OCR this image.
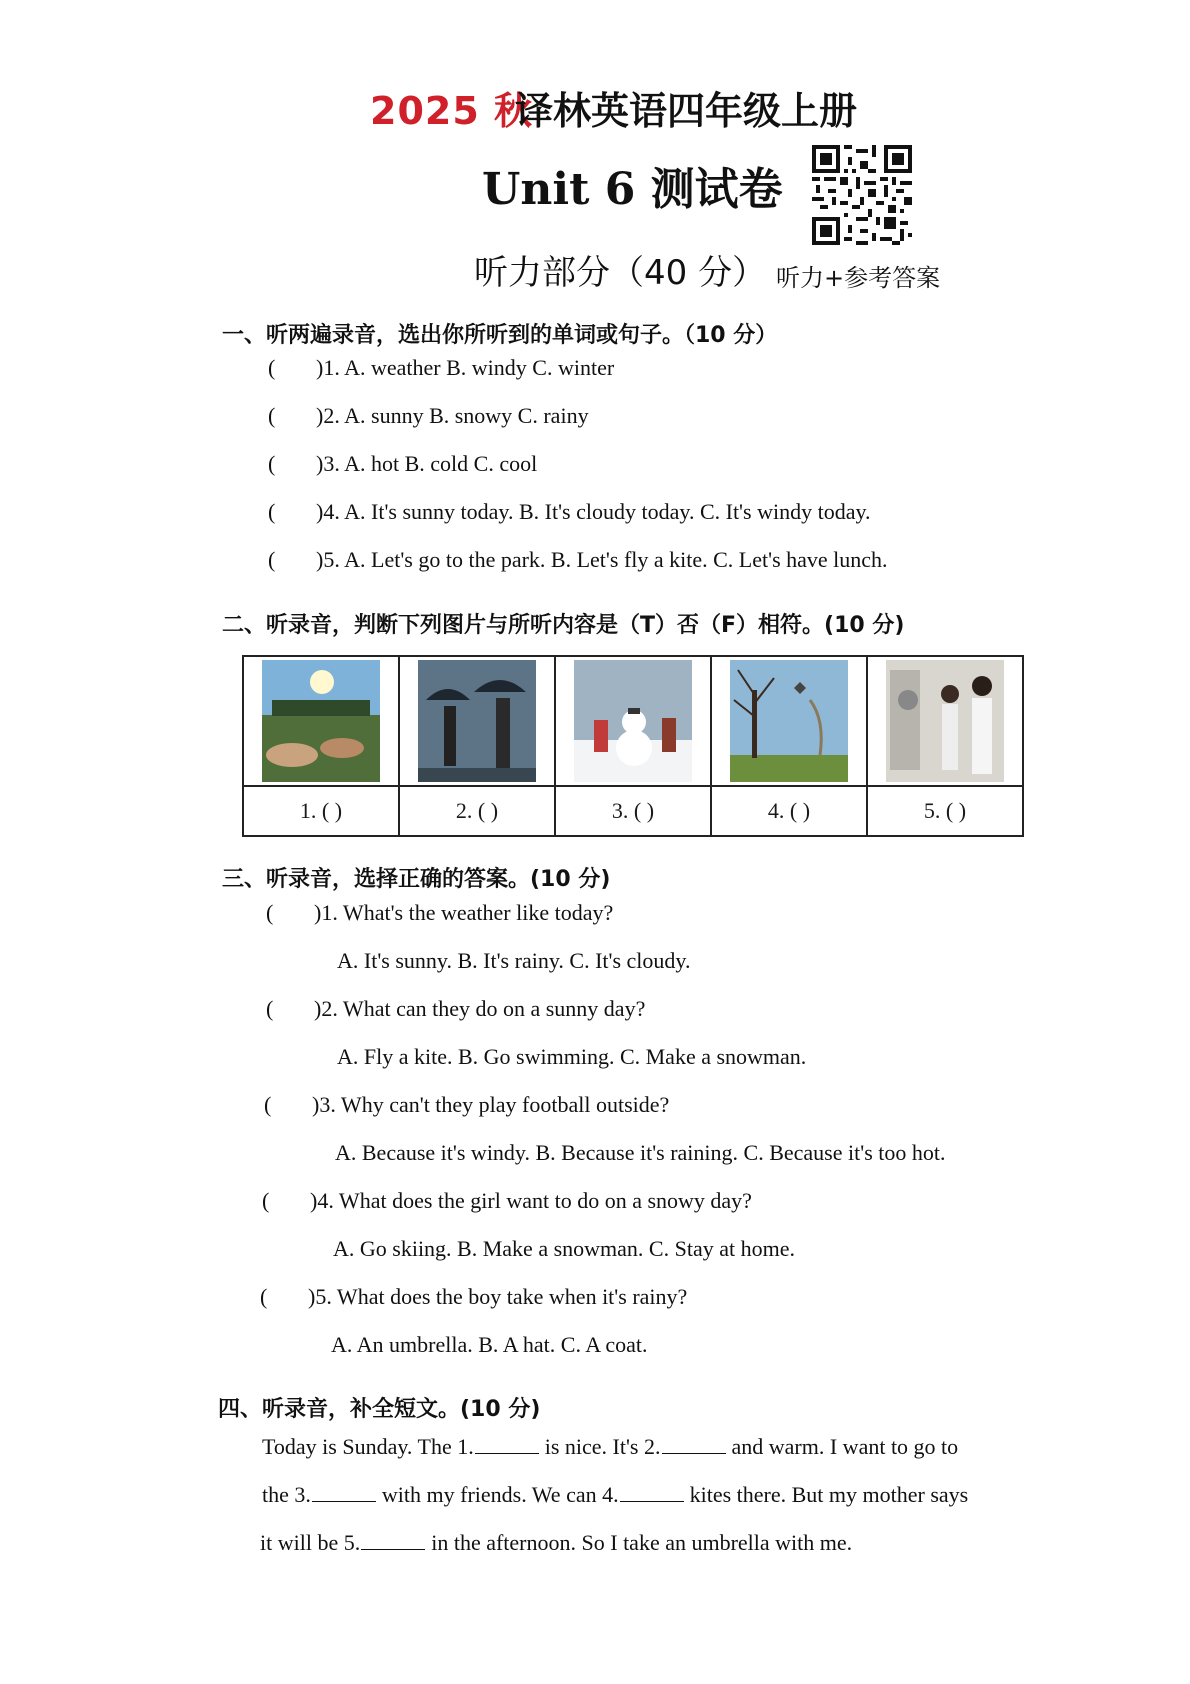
2025 秋
译林英语四年级上册
Unit 6 测试卷
听力部分（40 分） 听力+参考答案
一、听两遍录音，选出你所听到的单词或句子。（10 分）
( )1. A. weather B. windy C. winter
( )2. A. sunny B. snowy C. rainy
( )3. A. hot B. cold C. cool
( )4. A. It's sunny today. B. It's cloudy today. C. It's windy today.
( )5. A. Let's go to the park. B. Let's fly a kite. C. Let's have lunch.
二、听录音，判断下列图片与所听内容是（T）否（F）相符。(10 分)

1. ( )	2. ( )	3. ( )	4. ( )	5. ( )
三、听录音，选择正确的答案。(10 分)
( )1. What's the weather like today?
A. It's sunny. B. It's rainy. C. It's cloudy.
( )2. What can they do on a sunny day?
A. Fly a kite. B. Go swimming. C. Make a snowman.
( )3. Why can't they play football outside?
A. Because it's windy. B. Because it's raining. C. Because it's too hot.
( )4. What does the girl want to do on a snowy day?
A. Go skiing. B. Make a snowman. C. Stay at home.
( )5. What does the boy take when it's rainy?
A. An umbrella. B. A hat. C. A coat.
四、听录音，补全短文。(10 分)
Today is Sunday. The 1.	is nice. It's 2.	and warm. I want to go to
the 3.	with my friends. We can 4.	kites there. But my mother says
it will be 5.	in the afternoon. So I take an umbrella with me.
